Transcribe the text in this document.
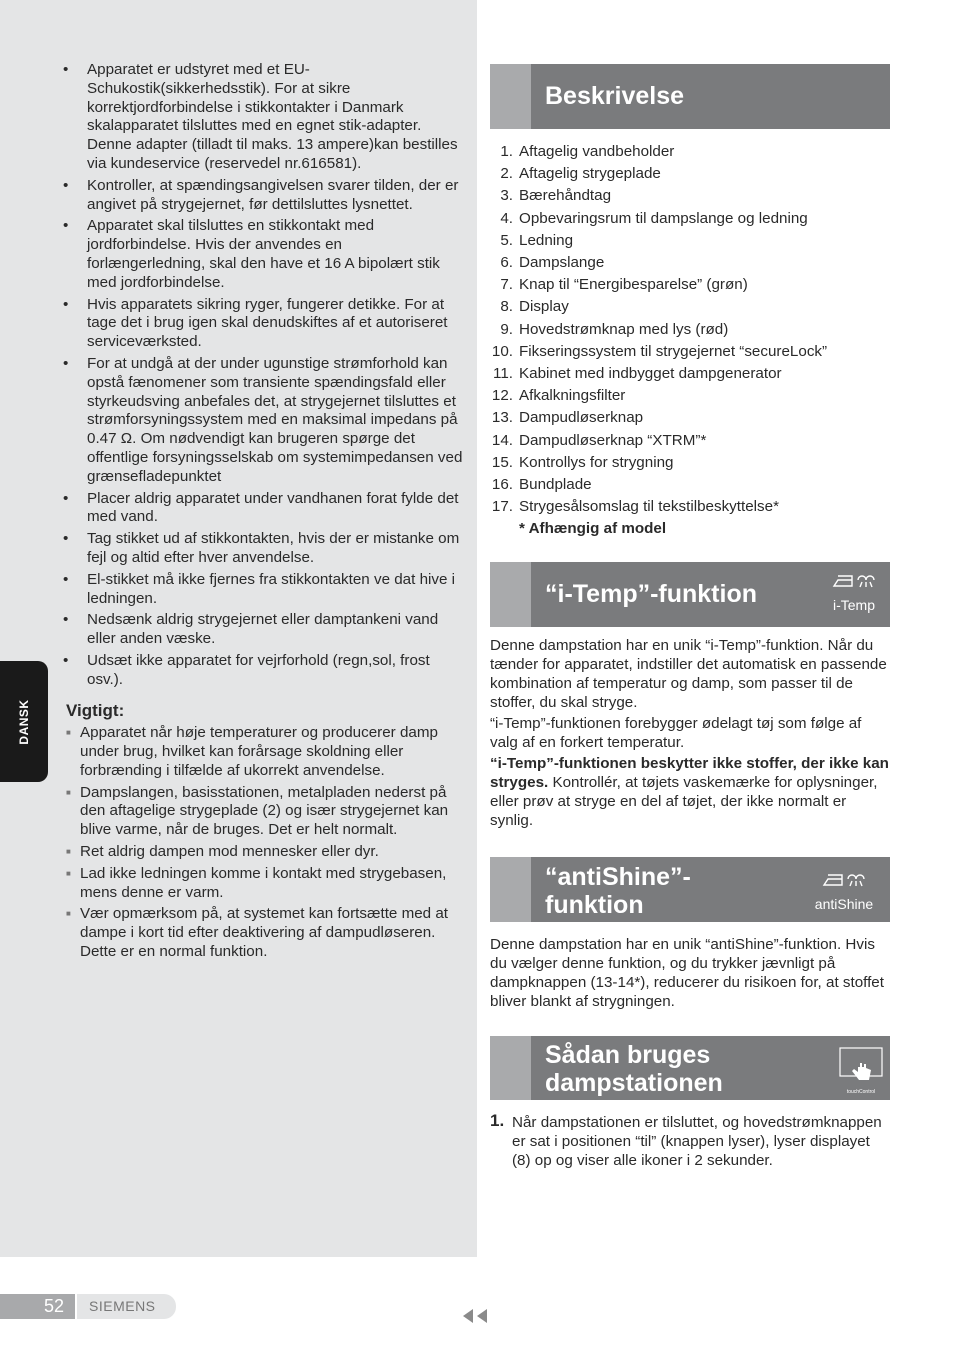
DANSK
• Apparatet er udstyret med et EU-Schukostik(sikkerhedsstik). For at sikre korrektjordforbindelse i stikkontakter i Danmark skalapparatet tilsluttes med en egnet stik-adapter. Denne adapter (tilladt til maks. 13 ampere)kan bestilles via kundeservice (reservedel nr.616581).
• Kontroller, at spændingsangivelsen svarer tilden, der er angivet på strygejernet, før dettilsluttes lysnettet.
• Apparatet skal tilsluttes en stikkontakt med jordforbindelse. Hvis der anvendes en forlængerledning, skal den have et 16 A bipolært stik med jordforbindelse.
• Hvis apparatets sikring ryger, fungerer detikke. For at tage det i brug igen skal denudskiftes af et autoriseret serviceværksted.
• For at undgå at der under ugunstige strømforhold kan opstå fænomener som transiente spændingsfald eller styrkeudsving anbefales det, at strygejernet tilsluttes et strømforsyningssystem med en maksimal impedans på 0.47 Ω. Om nødvendigt kan brugeren spørge det offentlige forsyningsselskab om systemimpedansen ved grænsefladepunktet
• Placer aldrig apparatet under vandhanen forat fylde det med vand.
• Tag stikket ud af stikkontakten, hvis der er mistanke om fejl og altid efter hver anvendelse.
• El-stikket må ikke fjernes fra stikkontakten ve dat hive i ledningen.
• Nedsænk aldrig strygejernet eller damptankeni vand eller anden væske.
• Udsæt ikke apparatet for vejrforhold (regn,sol, frost osv.).
Vigtigt:
■ Apparatet når høje temperaturer og producerer damp under brug, hvilket kan forårsage skoldning eller forbrænding i tilfælde af ukorrekt anvendelse.
■ Dampslangen, basisstationen, metalpladen nederst på den aftagelige strygeplade (2) og især strygejernet kan blive varme, når de bruges. Det er helt normalt.
■ Ret aldrig dampen mod mennesker eller dyr.
■ Lad ikke ledningen komme i kontakt med strygebasen, mens denne er varm.
■ Vær opmærksom på, at systemet kan fortsætte med at dampe i kort tid efter deaktivering af dampudløseren. Dette er en normal funktion.
Beskrivelse
1. Aftagelig vandbeholder
2. Aftagelig strygeplade
3. Bærehåndtag
4. Opbevaringsrum til dampslange og ledning
5. Ledning
6. Dampslange
7. Knap til “Energibesparelse” (grøn)
8. Display
9. Hovedstrømknap med lys (rød)
10. Fikseringssystem til strygejernet “secureLock”
11. Kabinet med indbygget dampgenerator
12. Afkalkningsfilter
13. Dampudløserknap
14. Dampudløserknap “XTRM”*
15. Kontrollys for strygning
16. Bundplade
17. Strygesålsomslag til tekstilbeskyttelse*
* Afhængig af model
“i-Temp”-funktion	i-Temp

Denne dampstation har en unik “i-Temp”-funktion. Når du tænder for apparatet, indstiller det automatisk en passende kombination af temperatur og damp, som passer til de stoffer, du skal stryge.

“i-Temp”-funktionen forebygger ødelagt tøj som følge af valg af en forkert temperatur.

“i-Temp”-funktionen beskytter ikke stoffer, der ikke kan stryges. Kontrollér, at tøjets vaskemærke for oplysninger, eller prøv at stryge en del af tøjet, der ikke normalt er synlig.

“antiShine”-
funktion	antiShine

Denne dampstation har en unik “antiShine”-funktion. Hvis du vælger denne funktion, og du trykker jævnligt på dampknappen (13-14*), reducerer du risikoen for, at stoffet bliver blankt af strygningen.

Sådan bruges
dampstationen	touchControl
1. Når dampstationen er tilsluttet, og hovedstrømknappen er sat i positionen “til” (knappen lyser), lyser displayet (8) op og viser alle ikoner i 2 sekunder.
52	SIEMENS
